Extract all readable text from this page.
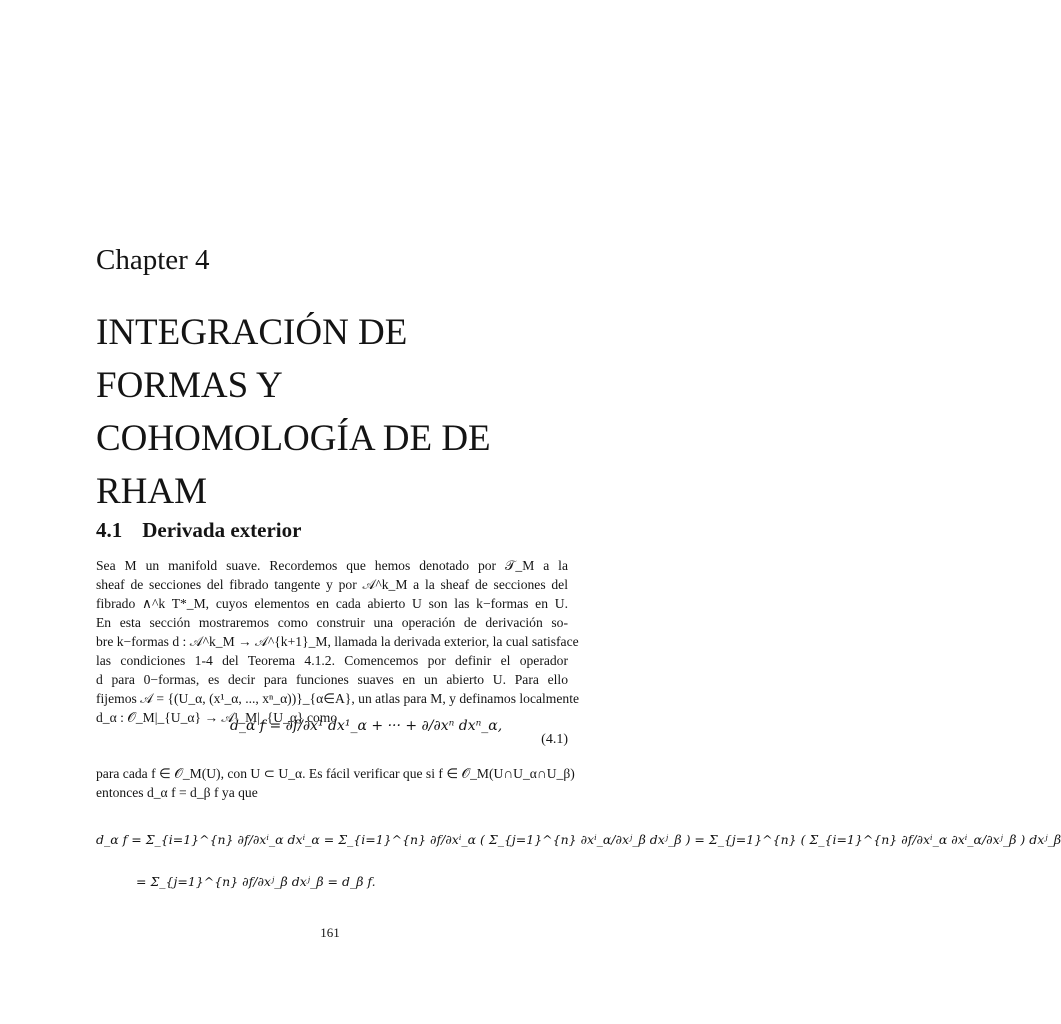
Chapter 4
INTEGRACIÓN DE
FORMAS Y
COHOMOLOGÍA DE DE
RHAM
4.1 Derivada exterior
Sea M un manifold suave. Recordemos que hemos denotado por 𝒯_M a la
sheaf de secciones del fibrado tangente y por 𝒜^k_M a la sheaf de secciones del
fibrado ∧^k T*_M, cuyos elementos en cada abierto U son las k−formas en U.
En esta sección mostraremos como construir una operación de derivación so-
bre k−formas d : 𝒜^k_M → 𝒜^{k+1}_M, llamada la derivada exterior, la cual satisface
las condiciones 1-4 del Teorema 4.1.2. Comencemos por definir el operador
d para 0−formas, es decir para funciones suaves en un abierto U. Para ello
fijemos 𝒜 = {(U_α, (x¹_α, ..., xⁿ_α))}_{α∈A}, un atlas para M, y definamos localmente
d_α : 𝒪_M|_{U_α} → 𝒜¹_M|_{U_α} como
d_α f = ∂f/∂x¹ dx¹_α + ··· + ∂/∂xⁿ dxⁿ_α,
(4.1)
para cada f ∈ 𝒪_M(U), con U ⊂ U_α. Es fácil verificar que si f ∈ 𝒪_M(U∩U_α∩U_β)
entonces d_α f = d_β f ya que
d_α f = Σ_{i=1}^{n} ∂f/∂xⁱ_α dxⁱ_α = Σ_{i=1}^{n} ∂f/∂xⁱ_α ( Σ_{j=1}^{n} ∂xⁱ_α/∂xʲ_β dxʲ_β ) = Σ_{j=1}^{n} ( Σ_{i=1}^{n} ∂f/∂xⁱ_α ∂xⁱ_α/∂xʲ_β ) dxʲ_β
= Σ_{j=1}^{n} ∂f/∂xʲ_β dxʲ_β = d_β f.
161
